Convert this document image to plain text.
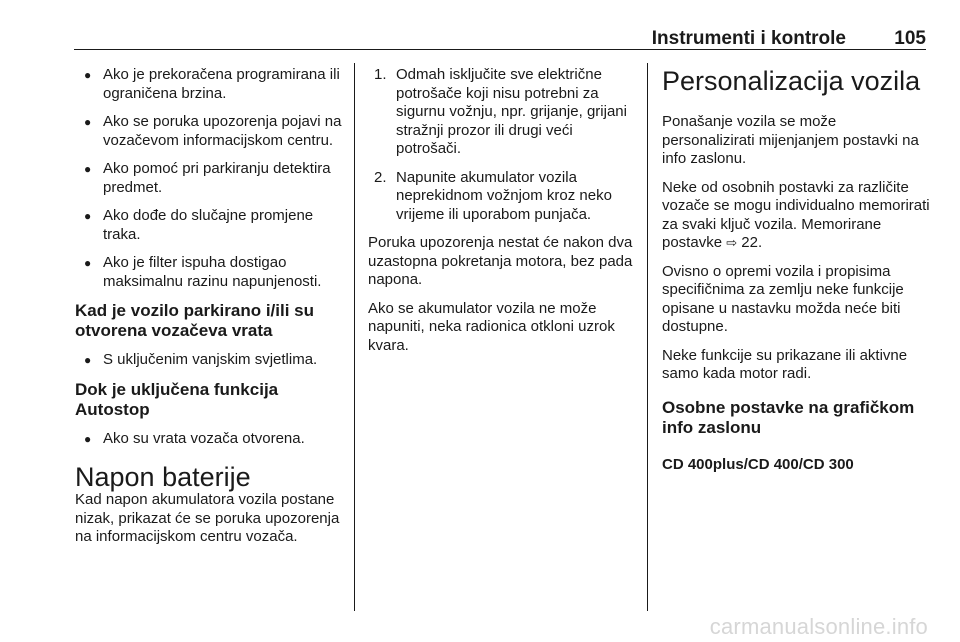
Instrumenti i kontrole	105
● Ako je prekoračena programirana ili ograničena brzina.
● Ako se poruka upozorenja pojavi na vozačevom informacijskom centru.
● Ako pomoć pri parkiranju detektira predmet.
● Ako dođe do slučajne promjene traka.
● Ako je filter ispuha dostigao maksimalnu razinu napunjenosti.
Kad je vozilo parkirano i/ili su otvorena vozačeva vrata
● S uključenim vanjskim svjetlima.
Dok je uključena funkcija Autostop
● Ako su vrata vozača otvorena.
Napon baterije
Kad napon akumulatora vozila postane nizak, prikazat će se poruka upozorenja na informacijskom centru vozača.
1. Odmah isključite sve električne potrošače koji nisu potrebni za sigurnu vožnju, npr. grijanje, grijani stražnji prozor ili drugi veći potrošači.
2. Napunite akumulator vozila neprekidnom vožnjom kroz neko vrijeme ili uporabom punjača.
Poruka upozorenja nestat će nakon dva uzastopna pokretanja motora, bez pada napona.
Ako se akumulator vozila ne može napuniti, neka radionica otkloni uzrok kvara.
Personalizacija vozila
Ponašanje vozila se može personalizirati mijenjanjem postavki na info zaslonu.
Neke od osobnih postavki za različite vozače se mogu individualno memorirati za svaki ključ vozila. Memorirane postavke ⇨ 22.
Ovisno o opremi vozila i propisima specifičnima za zemlju neke funkcije opisane u nastavku možda neće biti dostupne.
Neke funkcije su prikazane ili aktivne samo kada motor radi.
Osobne postavke na grafičkom info zaslonu
CD 400plus/CD 400/CD 300
carmanualsonline.info
